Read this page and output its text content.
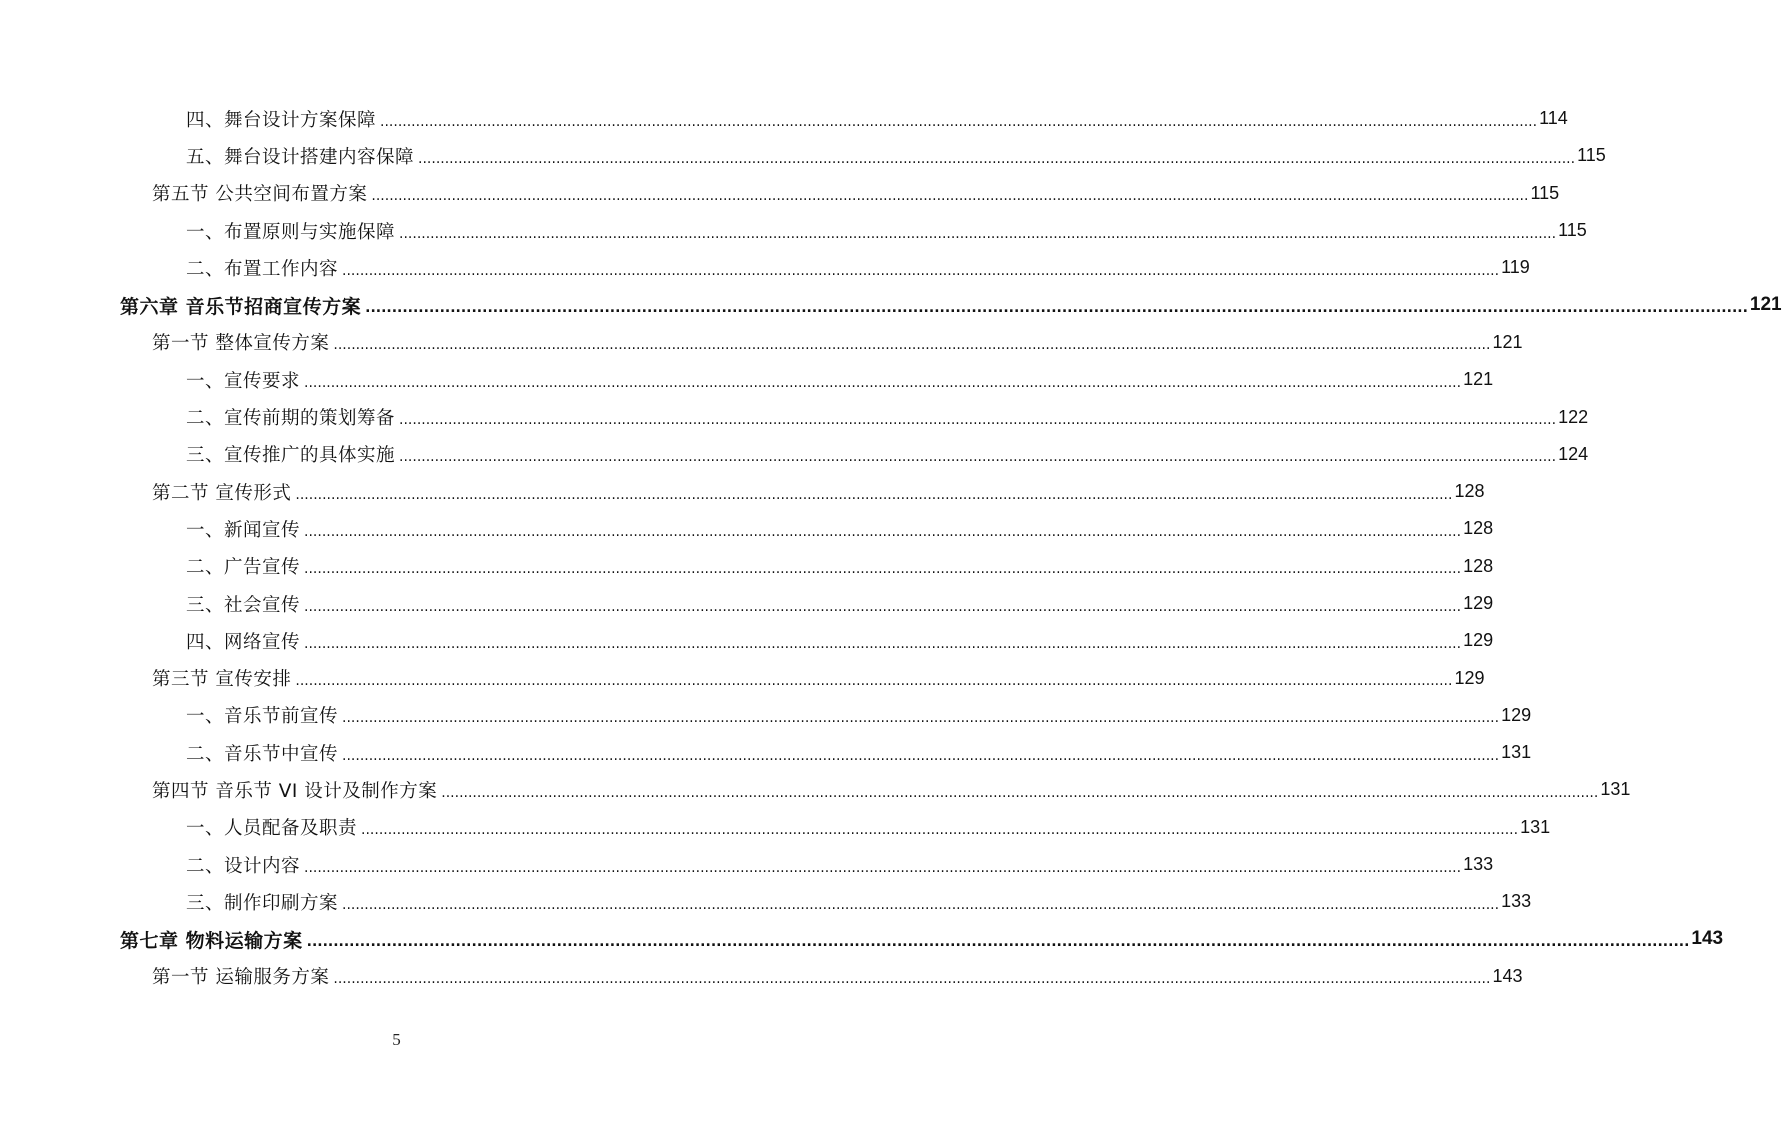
四、舞台设计方案保障 .................................................................................................................................................................................................................................................................... 114
五、舞台设计搭建内容保障 .................................................................................................................................................................................................................................................................... 115
第五节 公共空间布置方案 .................................................................................................................................................................................................................................................................... 115
一、布置原则与实施保障 .................................................................................................................................................................................................................................................................... 115
二、布置工作内容 .................................................................................................................................................................................................................................................................... 119
第六章 音乐节招商宣传方案 .................................................................................................................................................................................................................................................................... 121
第一节 整体宣传方案 .................................................................................................................................................................................................................................................................... 121
一、宣传要求 .................................................................................................................................................................................................................................................................... 121
二、宣传前期的策划筹备 .................................................................................................................................................................................................................................................................... 122
三、宣传推广的具体实施 .................................................................................................................................................................................................................................................................... 124
第二节 宣传形式 .................................................................................................................................................................................................................................................................... 128
一、新闻宣传 .................................................................................................................................................................................................................................................................... 128
二、广告宣传 .................................................................................................................................................................................................................................................................... 128
三、社会宣传 .................................................................................................................................................................................................................................................................... 129
四、网络宣传 .................................................................................................................................................................................................................................................................... 129
第三节 宣传安排 .................................................................................................................................................................................................................................................................... 129
一、音乐节前宣传 .................................................................................................................................................................................................................................................................... 129
二、音乐节中宣传 .................................................................................................................................................................................................................................................................... 131
第四节 音乐节 VI 设计及制作方案 .................................................................................................................................................................................................................................................................... 131
一、人员配备及职责 .................................................................................................................................................................................................................................................................... 131
二、设计内容 .................................................................................................................................................................................................................................................................... 133
三、制作印刷方案 .................................................................................................................................................................................................................................................................... 133
第七章 物料运输方案 .................................................................................................................................................................................................................................................................... 143
第一节 运输服务方案 .................................................................................................................................................................................................................................................................... 143
5
